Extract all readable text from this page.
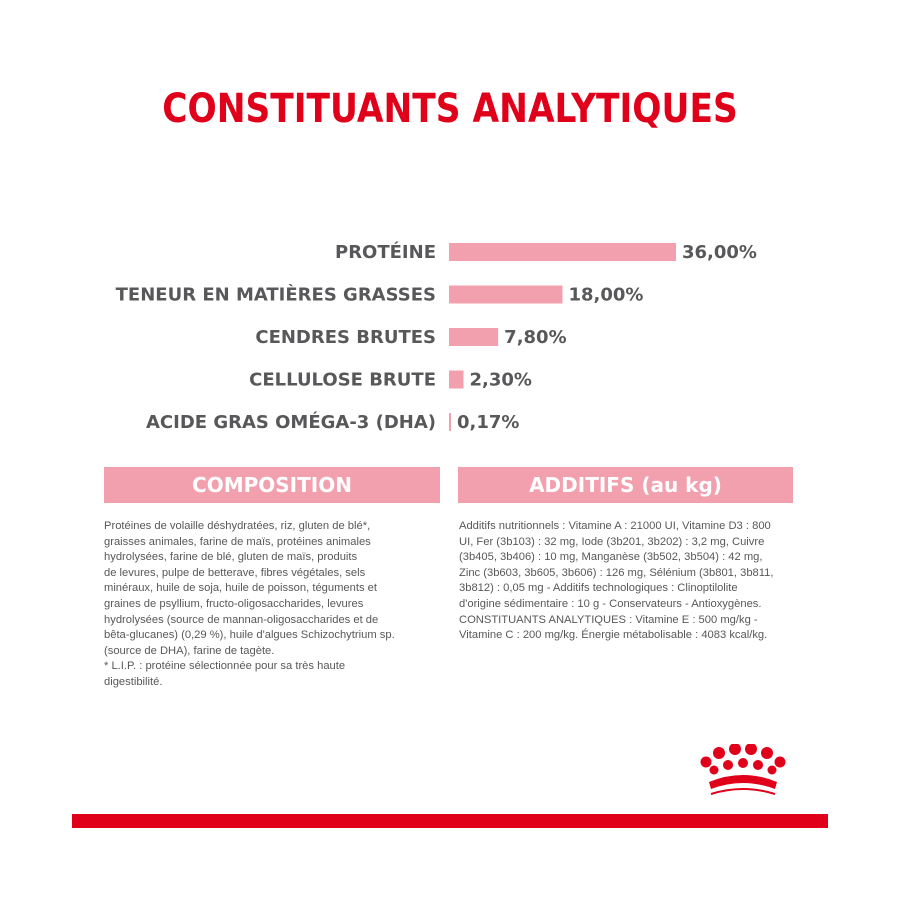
CONSTITUANTS ANALYTIQUES
PROTÉINE	36,00%
TENEUR EN MATIÈRES GRASSES	18,00%
CENDRES BRUTES	7,80%
CELLULOSE BRUTE 2,30%
ACIDE GRAS OMÉGA-3 (DHA) 0,17%
COMPOSITION	ADDITIFS (au kg)
Protéines de volaille déshydratées, riz, gluten de blé*,
graisses animales, farine de maïs, protéines animales
hydrolysées, farine de blé, gluten de maïs, produits
de levures, pulpe de betterave, fibres végétales, sels
minéraux, huile de soja, huile de poisson, téguments et
graines de psyllium, fructo-oligosaccharides, levures
hydrolysées (source de mannan-oligosaccharides et de
bêta-glucanes) (0,29 %), huile d'algues Schizochytrium sp.
(source de DHA), farine de tagète.
* L.I.P. : protéine sélectionnée pour sa très haute
digestibilité.
Additifs nutritionnels : Vitamine A : 21000 UI, Vitamine D3 : 800
UI, Fer (3b103) : 32 mg, Iode (3b201, 3b202) : 3,2 mg, Cuivre
(3b405, 3b406) : 10 mg, Manganèse (3b502, 3b504) : 42 mg,
Zinc (3b603, 3b605, 3b606) : 126 mg, Sélénium (3b801, 3b811,
3b812) : 0,05 mg - Additifs technologiques : Clinoptilolite
d'origine sédimentaire : 10 g - Conservateurs - Antioxygènes.
CONSTITUANTS ANALYTIQUES : Vitamine E : 500 mg/kg -
Vitamine C : 200 mg/kg. Énergie métabolisable : 4083 kcal/kg.
